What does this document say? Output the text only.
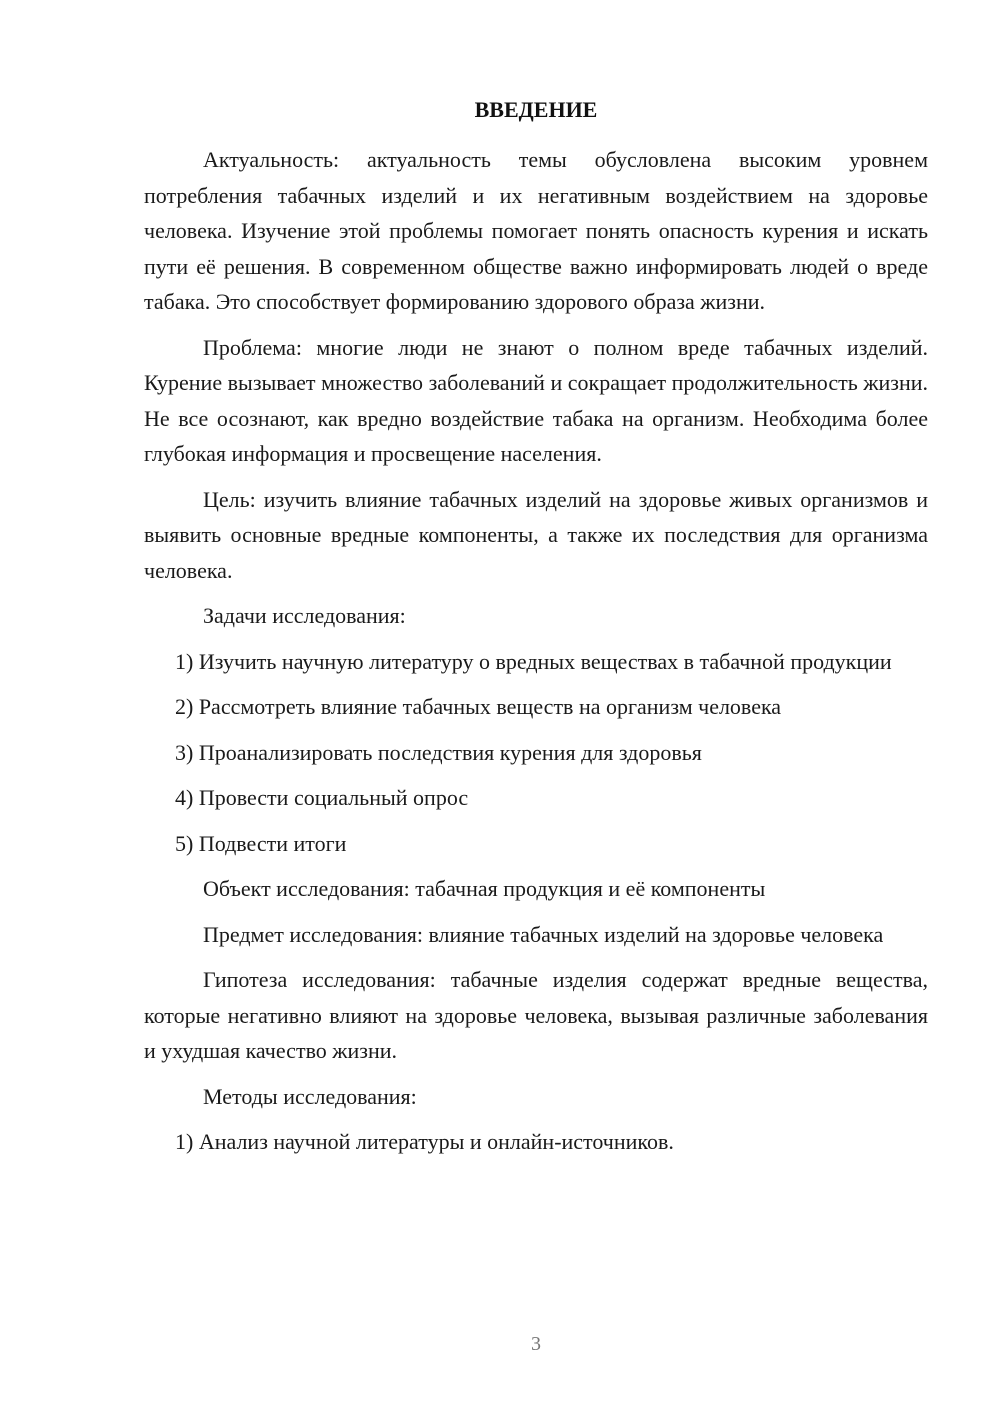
ВВЕДЕНИЕ

Актуальность: актуальность темы обусловлена высоким уровнем потребления табачных изделий и их негативным воздействием на здоровье человека. Изучение этой проблемы помогает понять опасность курения и искать пути её решения. В современном обществе важно информировать людей о вреде табака. Это способствует формированию здорового образа жизни.

Проблема: многие люди не знают о полном вреде табачных изделий. Курение вызывает множество заболеваний и сокращает продолжительность жизни. Не все осознают, как вредно воздействие табака на организм. Необходима более глубокая информация и просвещение населения.

Цель: изучить влияние табачных изделий на здоровье живых организмов и выявить основные вредные компоненты, а также их последствия для организма человека.

Задачи исследования:

1) Изучить научную литературу о вредных веществах в табачной продукции

2) Рассмотреть влияние табачных веществ на организм человека

3) Проанализировать последствия курения для здоровья

4) Провести социальный опрос

5) Подвести итоги

Объект исследования: табачная продукция и её компоненты

Предмет исследования: влияние табачных изделий на здоровье человека

Гипотеза исследования: табачные изделия содержат вредные вещества, которые негативно влияют на здоровье человека, вызывая различные заболевания и ухудшая качество жизни.

Методы исследования:

1) Анализ научной литературы и онлайн-источников.

3
